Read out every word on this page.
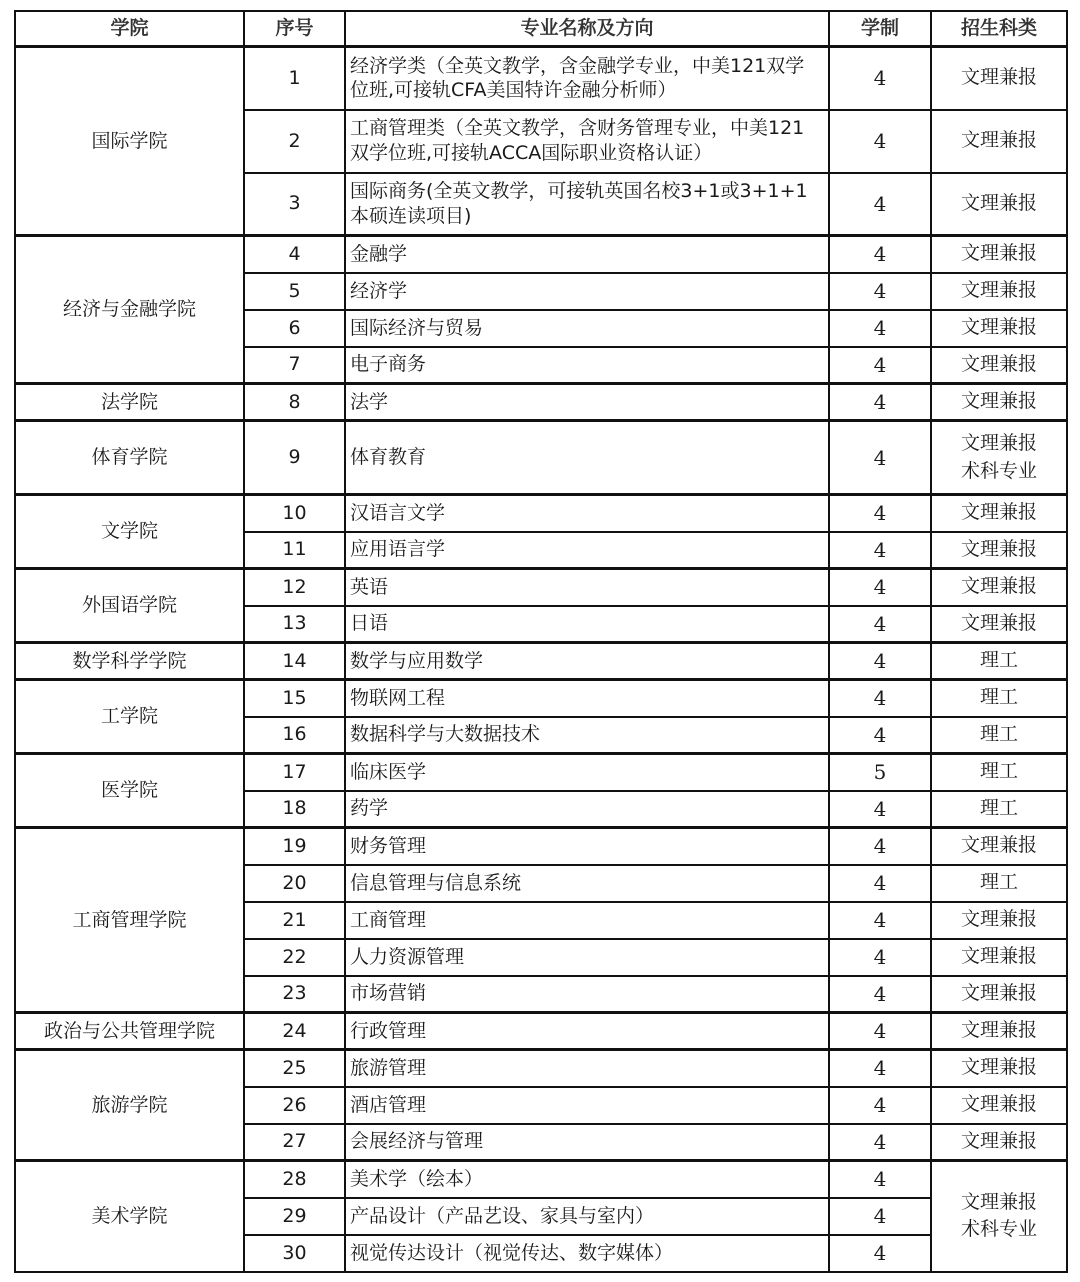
学院	序号	专业名称及方向	学制	招生科类
国际学院	1	经济学类（全英文教学，含金融学专业，中美121双学位班,可接轨CFA美国特许金融分析师）	4	文理兼报

	2	工商管理类（全英文教学，含财务管理专业，中美121双学位班,可接轨ACCA国际职业资格认证）	4	文理兼报

	3	国际商务(全英文教学，可接轨英国名校3+1或3+1+1本硕连读项目)	4	文理兼报

经济与金融学院	4	金融学	4	文理兼报

	5	经济学	4	文理兼报

	6	国际经济与贸易	4	文理兼报

	7	电子商务	4	文理兼报

法学院	8	法学	4	文理兼报

体育学院	9	体育教育	4	文理兼报
术科专业

文学院	10	汉语言文学	4	文理兼报

	11	应用语言学	4	文理兼报

外国语学院	12	英语	4	文理兼报

	13	日语	4	文理兼报

数学科学学院	14	数学与应用数学	4	理工

工学院	15	物联网工程	4	理工

	16	数据科学与大数据技术	4	理工

医学院	17	临床医学	5	理工

	18	药学	4	理工

工商管理学院	19	财务管理	4	文理兼报

	20	信息管理与信息系统	4	理工

	21	工商管理	4	文理兼报

	22	人力资源管理	4	文理兼报

	23	市场营销	4	文理兼报

政治与公共管理学院	24	行政管理	4	文理兼报

旅游学院	25	旅游管理	4	文理兼报

	26	酒店管理	4	文理兼报

	27	会展经济与管理	4	文理兼报

美术学院	28	美术学（绘本）	4	文理兼报
术科专业

	29	产品设计（产品艺设、家具与室内）	4	
	30	视觉传达设计（视觉传达、数字媒体）	4	
